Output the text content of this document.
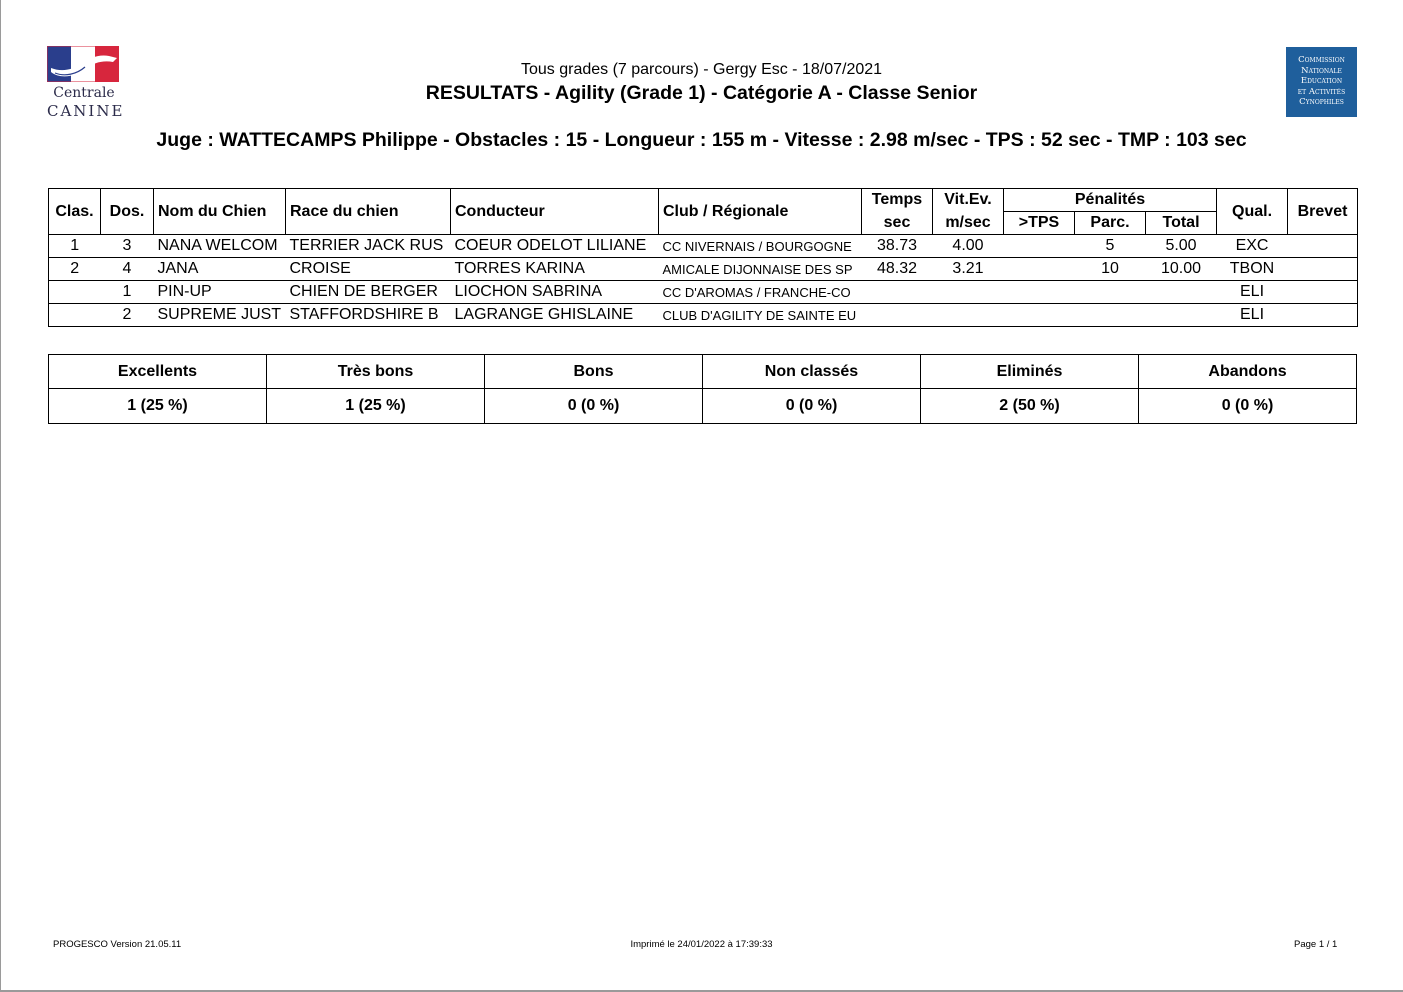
Centrale
CANINE
Commission
Nationale
Education
et Activités
Cynophiles
Tous grades (7 parcours) - Gergy Esc - 18/07/2021
RESULTATS - Agility (Grade 1) - Catégorie A - Classe Senior
Juge : WATTECAMPS Philippe - Obstacles : 15 - Longueur : 155 m - Vitesse : 2.98 m/sec - TPS : 52 sec - TMP : 103 sec
Clas.	Dos.	Nom du Chien	Race du chien	Conducteur	Club / Régionale	Temps	Vit.Ev.	Pénalités			Qual.	Brevet
						sec	m/sec	>TPS	Parc.	Total		
1	3	NANA WELCOM	TERRIER JACK RUS	COEUR ODELOT LILIANE	CC NIVERNAIS / BOURGOGNE	38.73	4.00		5	5.00	EXC	
2	4	JANA	CROISE	TORRES KARINA	AMICALE DIJONNAISE DES SP	48.32	3.21		10	10.00	TBON	
	1	PIN-UP	CHIEN DE BERGER	LIOCHON SABRINA	CC D'AROMAS / FRANCHE-CO						ELI	
	2	SUPREME JUST	STAFFORDSHIRE B	LAGRANGE GHISLAINE	CLUB D'AGILITY DE SAINTE EU						ELI	
Excellents	Très bons	Bons	Non classés	Eliminés	Abandons
1 (25 %)	1 (25 %)	0 (0 %)	0 (0 %)	2 (50 %)	0 (0 %)
PROGESCO Version 21.05.11	Imprimé le 24/01/2022 à 17:39:33	Page 1 / 1
